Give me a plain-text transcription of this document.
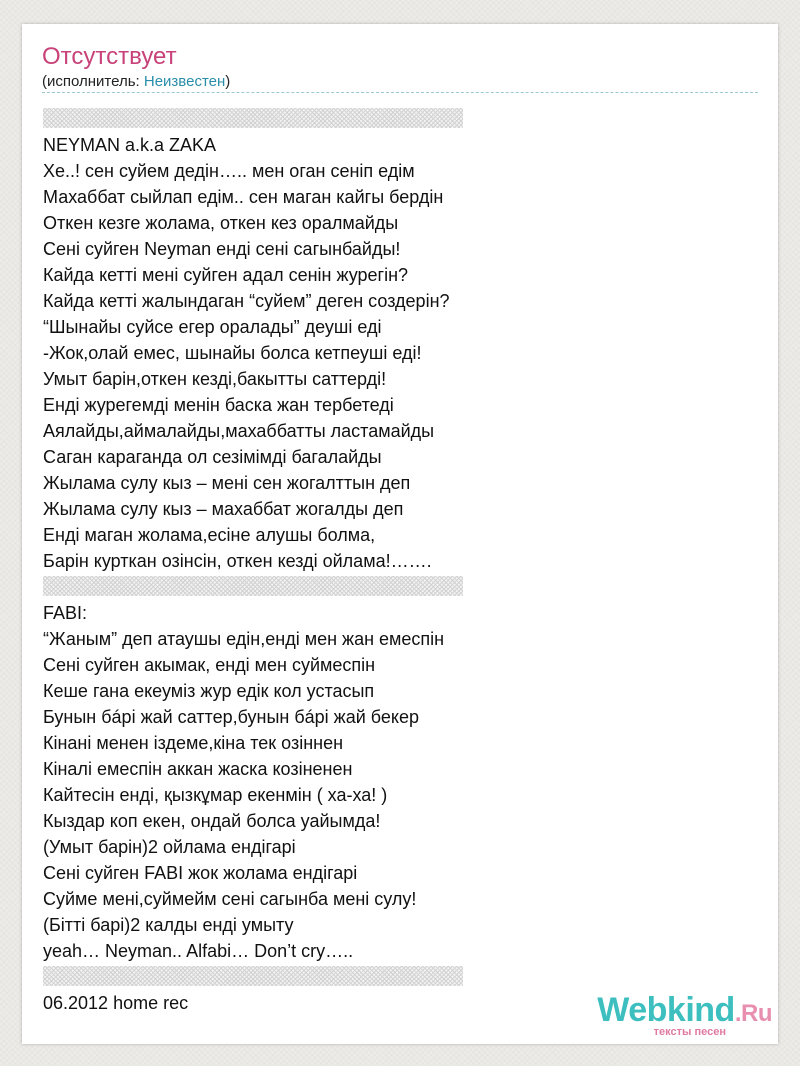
Отсутствует
(исполнитель: Неизвестен)
NEYMAN a.k.a ZAKA
Хе..! сен суйем дедін….. мен оган сеніп едім
Махаббат сыйлап едім.. сен маган кайгы бердін
Откен кезге жолама, откен кез оралмайды
Сені суйген Neyman енді сені сагынбайды!
Кайда кетті мені суйген адал сенін журегін?
Кайда кетті жалындаган “суйем” деген создерін?
“Шынайы суйсе егер оралады” деуші еді
-Жок,олай емес, шынайы болса кетпеуші еді!
Умыт барін,откен кезді,бакытты саттерді!
Енді журегемді менін баска жан тербетеді
Аялайды,аймалайды,махаббатты ластамайды
Саган караганда ол сезімімді багалайды
Жылама сулу кыз – мені сен жогалттын деп
Жылама сулу кыз – махаббат жогалды деп
Енді маган жолама,есіне алушы болма,
Барін курткан озінсін, откен кезді ойлама!…….
FABI:
“Жаным” деп атаушы едін,енді мен жан емеспін
Сені суйген акымак, енді мен суймеспін
Кеше гана екеуміз жур едік кол устасып
Бунын бáрі жай саттер,бунын бáрі жай бекер
Кінані менен іздеме,кіна тек озіннен
Кіналі емеспін аккан жаска козіненен
Кайтесін енді, қызкұмар екенмін ( ха-ха! )
Кыздар коп екен, ондай болса уайымда!
(Умыт барін)2 ойлама ендігарі
Сені суйген FABI жок жолама ендігарі
Суйме мені,суймейм сені сагынба мені сулу!
(Бітті барі)2 калды енді умыту
yeah… Neyman.. Alfabi… Don’t cry…..
06.2012 home rec	Webkind.Ru
тексты песен
